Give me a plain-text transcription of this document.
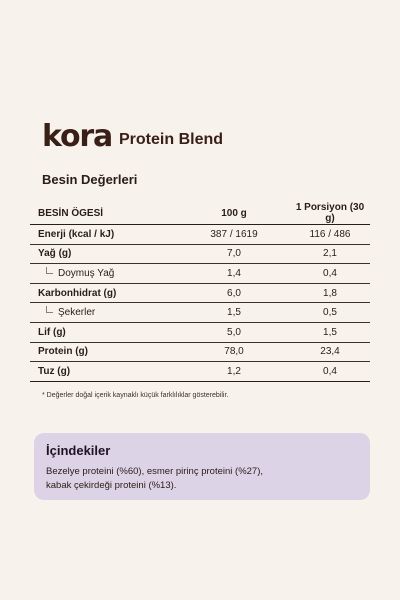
kora Protein Blend
Besin Değerleri
BESİN ÖGESİ	100 g	1 Porsiyon (30 g)
Enerji (kcal / kJ)	387 / 1619	116 / 486
Yağ (g)	7,0	2,1
Doymuş Yağ	1,4	0,4
Karbonhidrat (g)	6,0	1,8
Şekerler	1,5	0,5
Lif (g)	5,0	1,5
Protein (g)	78,0	23,4
Tuz (g)	1,2	0,4
* Değerler doğal içerik kaynaklı küçük farklılıklar gösterebilir.
İçindekiler
Bezelye proteini (%60), esmer pirinç proteini (%27),
kabak çekirdeği proteini (%13).
